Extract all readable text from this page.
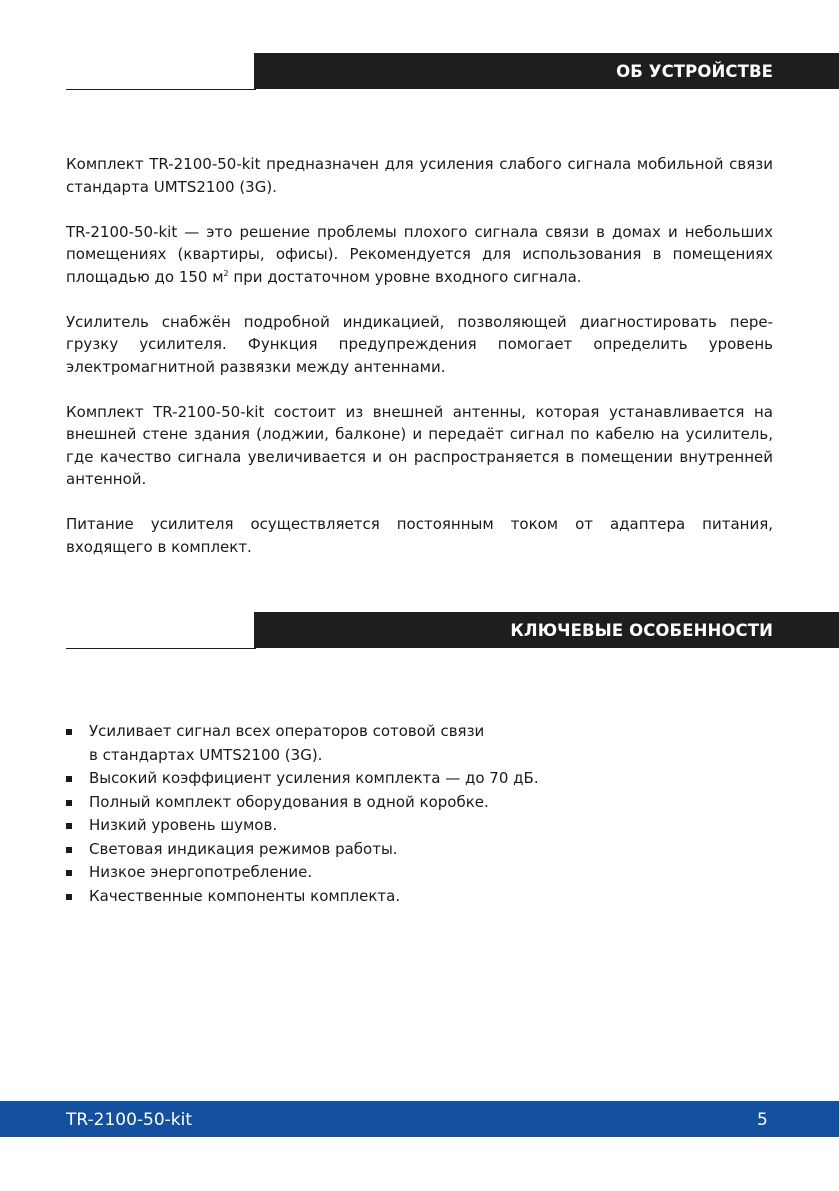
ОБ УСТРОЙСТВЕ

Комплект TR-2100-50-kit предназначен для усиления слабого сигнала мобильной связи стандарта UMTS2100 (3G).

TR-2100-50-kit — это решение проблемы плохого сигнала связи в домах и небольших помещениях (квартиры, офисы). Рекомендуется для использования в помещениях площадью до 150 $м^2$ при достаточном уровне входного сигнала.

Усилитель снабжён подробной индикацией, позволяющей диагностировать пере-грузку усилителя. Функция предупреждения помогает определить уровень электромагнитной развязки между антеннами.

Комплект TR-2100-50-kit состоит из внешней антенны, которая устанавливается на внешней стене здания (лоджии, балконе) и передаёт сигнал по кабелю на усилитель, где качество сигнала увеличивается и он распространяется в помещении внутренней антенной.

Питание усилителя осуществляется постоянным током от адаптера питания, входящего в комплект.

КЛЮЧЕВЫЕ ОСОБЕННОСТИ
Усиливает сигнал всех операторов сотовой связи
в стандартах UMTS2100 (3G).
Высокий коэффициент усиления комплекта — до 70 дБ.
Полный комплект оборудования в одной коробке.
Низкий уровень шумов.
Световая индикация режимов работы.
Низкое энергопотребление.
Качественные компоненты комплекта.
TR-2100-50-kit	5
